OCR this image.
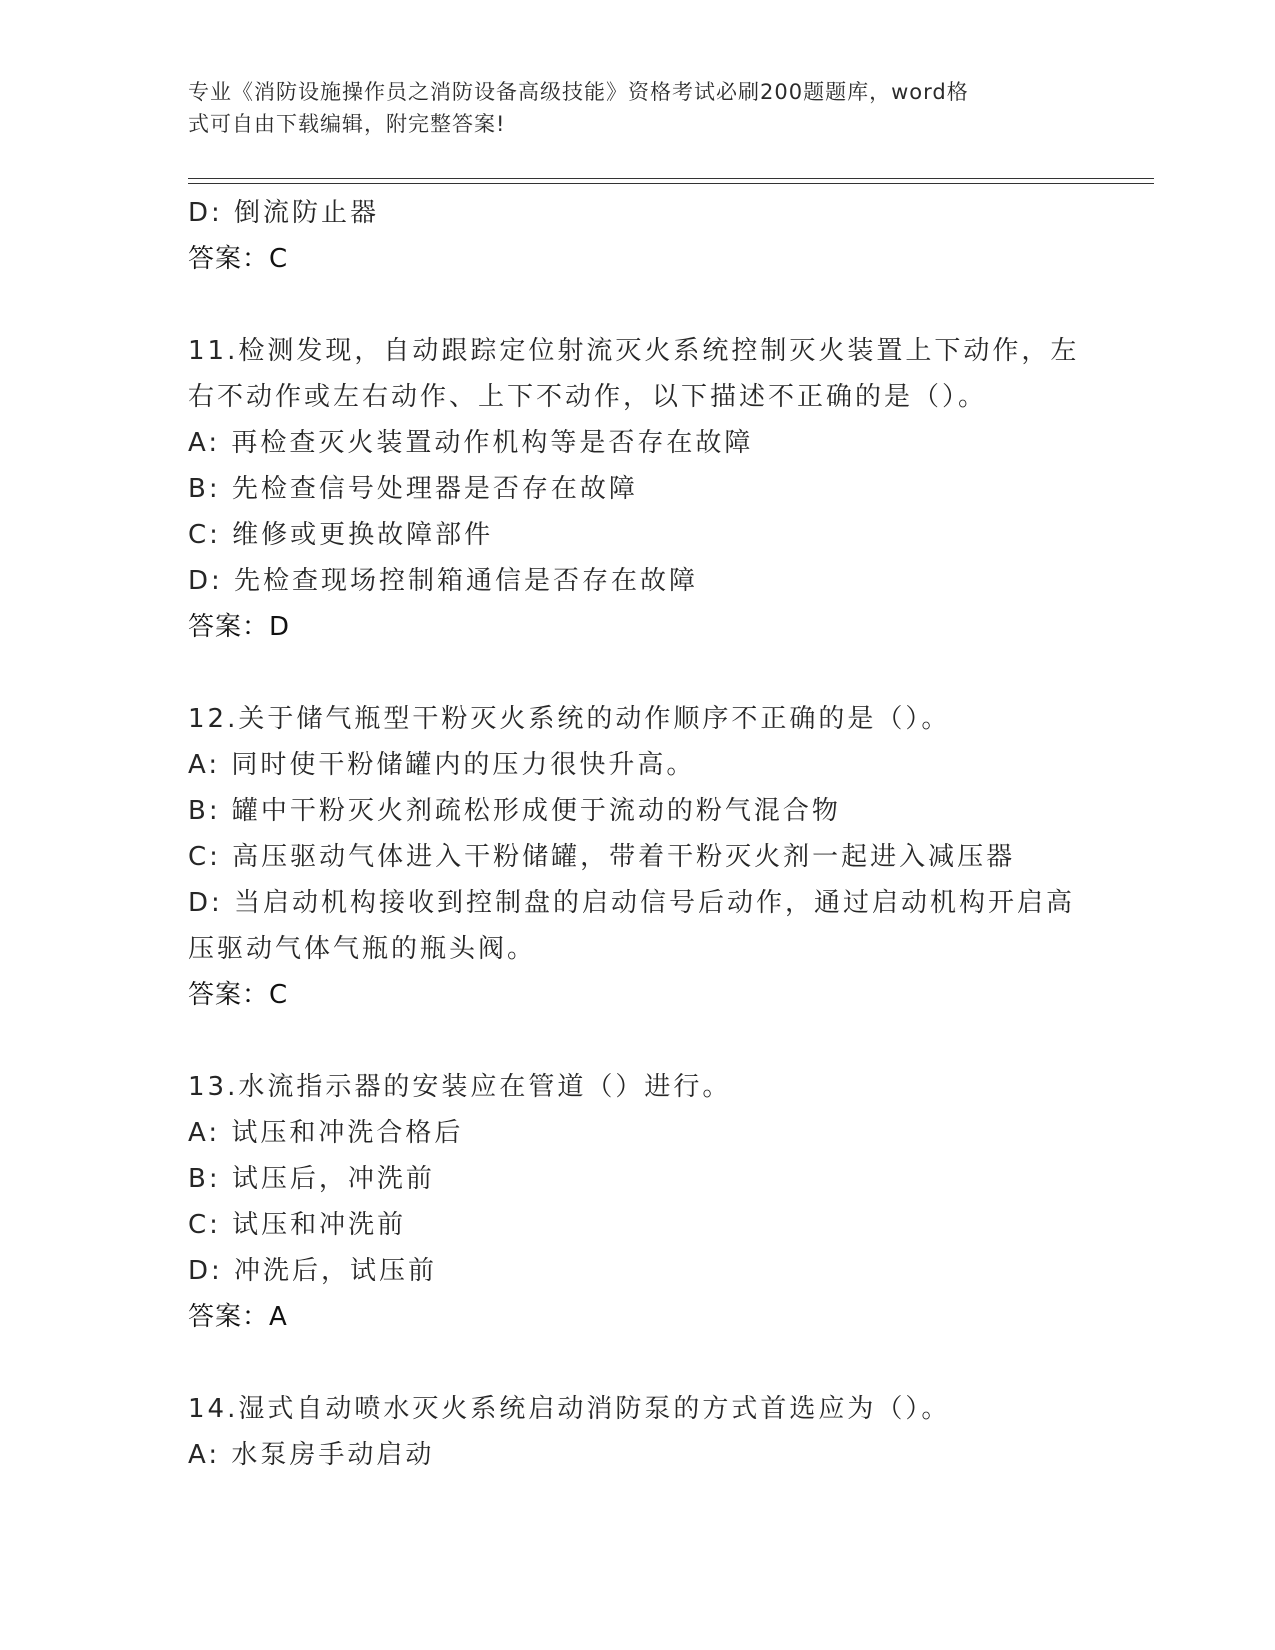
专业《消防设施操作员之消防设备高级技能》资格考试必刷200题题库，word格
式可自由下载编辑，附完整答案!
D: 倒流防止器
答案：C
11.检测发现，自动跟踪定位射流灭火系统控制灭火装置上下动作，左
右不动作或左右动作、上下不动作，以下描述不正确的是（）。
A: 再检查灭火装置动作机构等是否存在故障
B: 先检查信号处理器是否存在故障
C: 维修或更换故障部件
D: 先检查现场控制箱通信是否存在故障
答案：D
12.关于储气瓶型干粉灭火系统的动作顺序不正确的是（）。
A: 同时使干粉储罐内的压力很快升高。
B: 罐中干粉灭火剂疏松形成便于流动的粉气混合物
C: 高压驱动气体进入干粉储罐，带着干粉灭火剂一起进入减压器
D: 当启动机构接收到控制盘的启动信号后动作，通过启动机构开启高
压驱动气体气瓶的瓶头阀。
答案：C
13.水流指示器的安装应在管道（）进行。
A: 试压和冲洗合格后
B: 试压后，冲洗前
C: 试压和冲洗前
D: 冲洗后，试压前
答案：A
14.湿式自动喷水灭火系统启动消防泵的方式首选应为（）。
A: 水泵房手动启动
